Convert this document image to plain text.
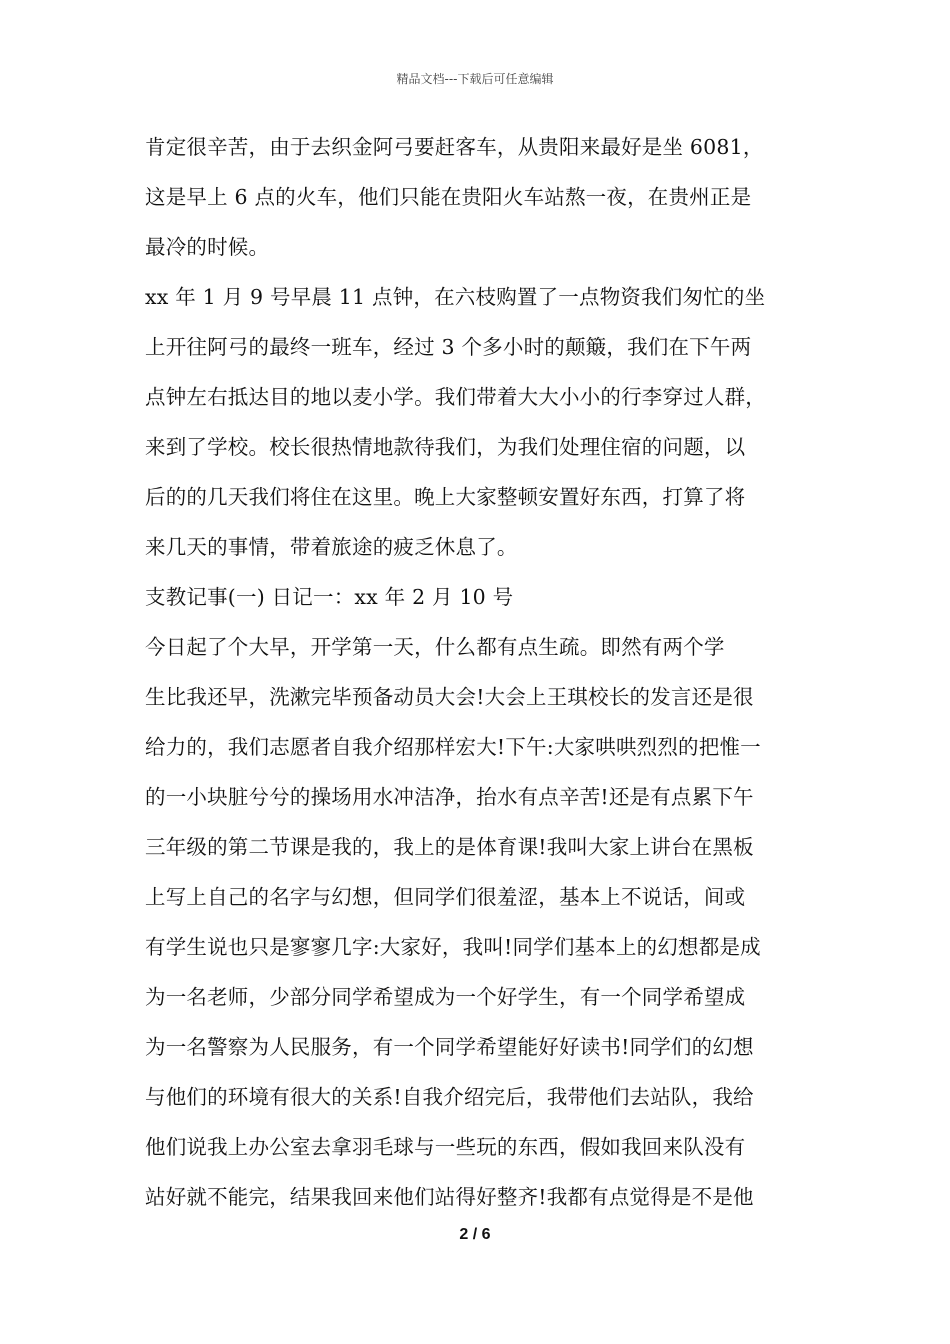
精品文档---下载后可任意编辑
肯定很辛苦，由于去织金阿弓要赶客车，从贵阳来最好是坐 6081，
这是早上 6 点的火车，他们只能在贵阳火车站熬一夜，在贵州正是
最冷的时候。
xx 年 1 月 9 号早晨 11 点钟，在六枝购置了一点物资我们匆忙的坐
上开往阿弓的最终一班车，经过 3 个多小时的颠簸，我们在下午两
点钟左右抵达目的地以麦小学。我们带着大大小小的行李穿过人群，
来到了学校。校长很热情地款待我们，为我们处理住宿的问题，以
后的的几天我们将住在这里。晚上大家整顿安置好东西，打算了将
来几天的事情，带着旅途的疲乏休息了。
支教记事(一) 日记一：xx 年 2 月 10 号
今日起了个大早，开学第一天，什么都有点生疏。即然有两个学
生比我还早，洗漱完毕预备动员大会!大会上王琪校长的发言还是很
给力的，我们志愿者自我介绍那样宏大!下午:大家哄哄烈烈的把惟一
的一小块脏兮兮的操场用水冲洁净，抬水有点辛苦!还是有点累下午
三年级的第二节课是我的，我上的是体育课!我叫大家上讲台在黑板
上写上自己的名字与幻想，但同学们很羞涩，基本上不说话，间或
有学生说也只是寥寥几字:大家好，我叫!同学们基本上的幻想都是成
为一名老师，少部分同学希望成为一个好学生，有一个同学希望成
为一名警察为人民服务，有一个同学希望能好好读书!同学们的幻想
与他们的环境有很大的关系!自我介绍完后，我带他们去站队，我给
他们说我上办公室去拿羽毛球与一些玩的东西，假如我回来队没有
站好就不能完，结果我回来他们站得好整齐!我都有点觉得是不是他
2 / 6
